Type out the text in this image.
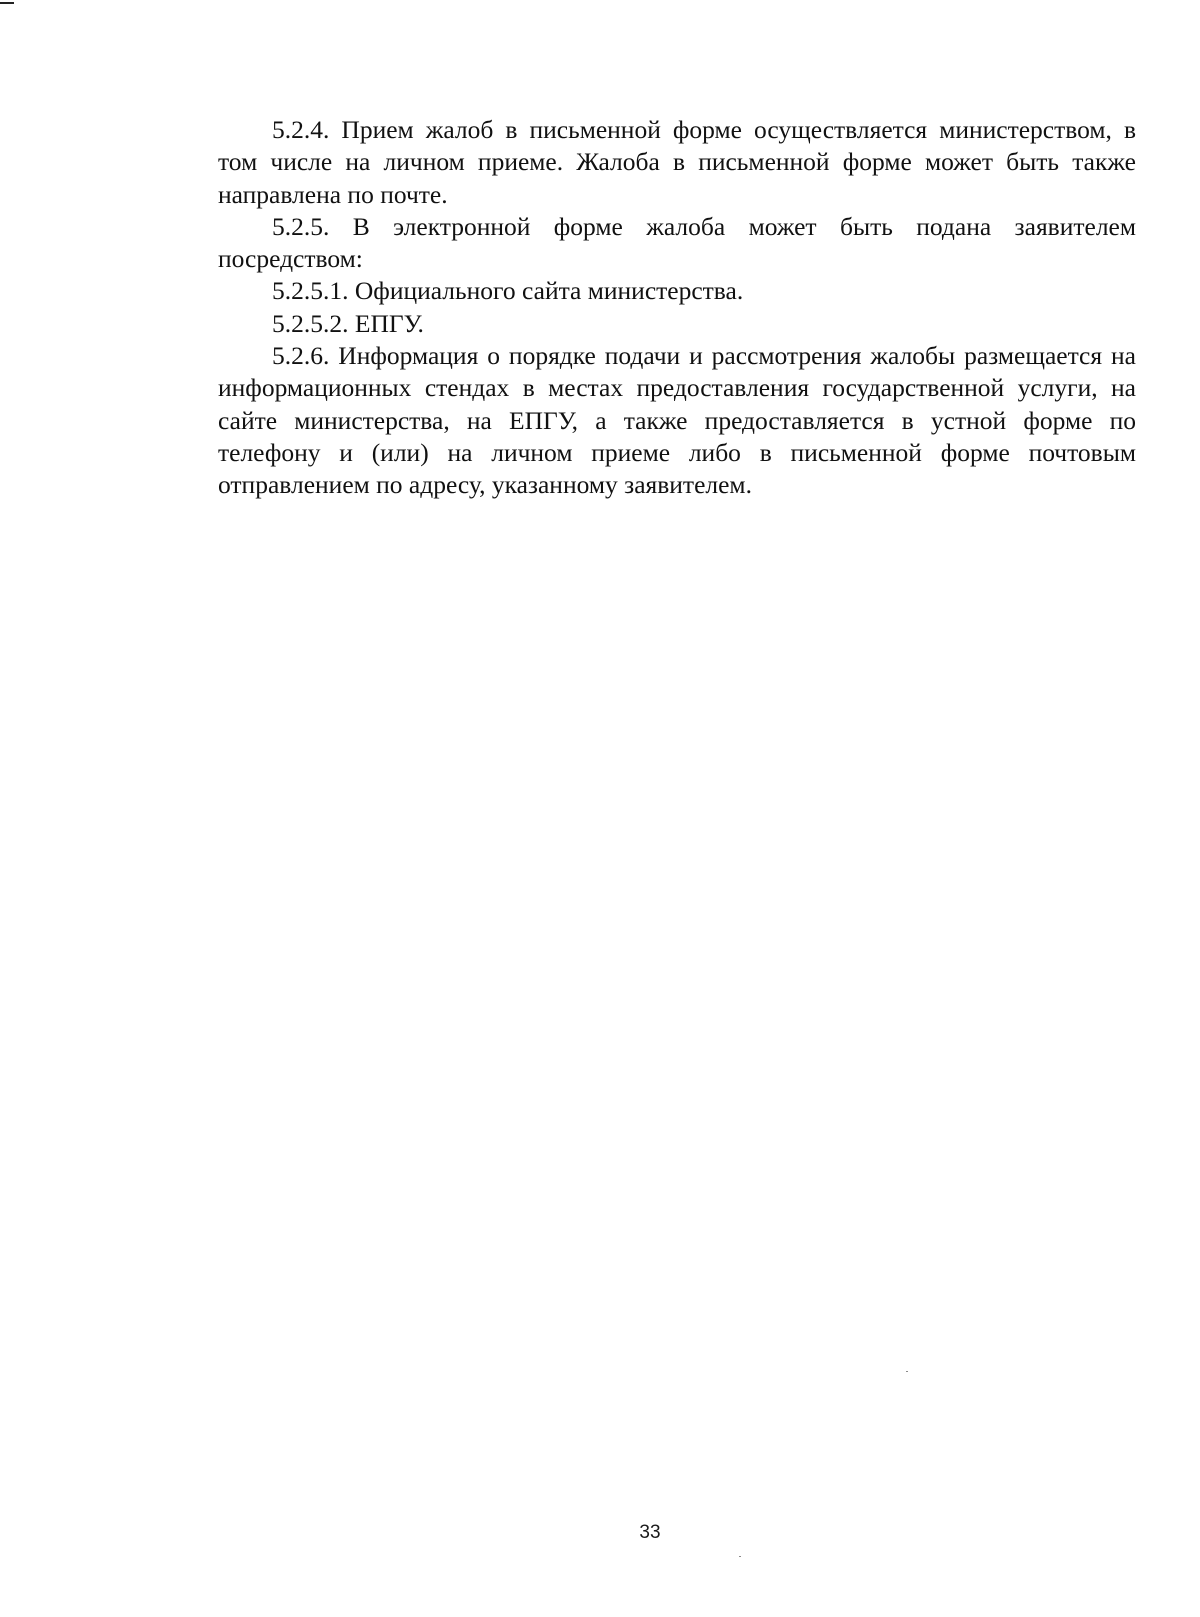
5.2.4. Прием жалоб в письменной форме осуществляется министерством, в том числе на личном приеме. Жалоба в письменной форме может быть также направлена по почте.

5.2.5. В электронной форме жалоба может быть подана заявителем посредством:

5.2.5.1. Официального сайта министерства.

5.2.5.2. ЕПГУ.

5.2.6. Информация о порядке подачи и рассмотрения жалобы размещается на информационных стендах в местах предоставления государственной услуги, на сайте министерства, на ЕПГУ, а также предоставляется в устной форме по телефону и (или) на личном приеме либо в письменной форме почтовым отправлением по адресу, указанному заявителем.

33
